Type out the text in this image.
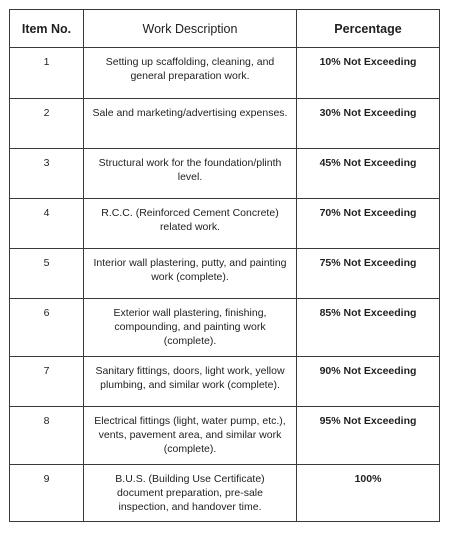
Item No.	Work Description	Percentage
1	Setting up scaffolding, cleaning, and general preparation work.	10% Not Exceeding
2	Sale and marketing/advertising expenses.	30% Not Exceeding
3	Structural work for the foundation/plinth level.	45% Not Exceeding
4	R.C.C. (Reinforced Cement Concrete) related work.	70% Not Exceeding
5	Interior wall plastering, putty, and painting work (complete).	75% Not Exceeding
6	Exterior wall plastering, finishing, compounding, and painting work (complete).	85% Not Exceeding
7	Sanitary fittings, doors, light work, yellow plumbing, and similar work (complete).	90% Not Exceeding
8	Electrical fittings (light, water pump, etc.), vents, pavement area, and similar work (complete).	95% Not Exceeding
9	B.U.S. (Building Use Certificate) document preparation, pre-sale inspection, and handover time.	100%
